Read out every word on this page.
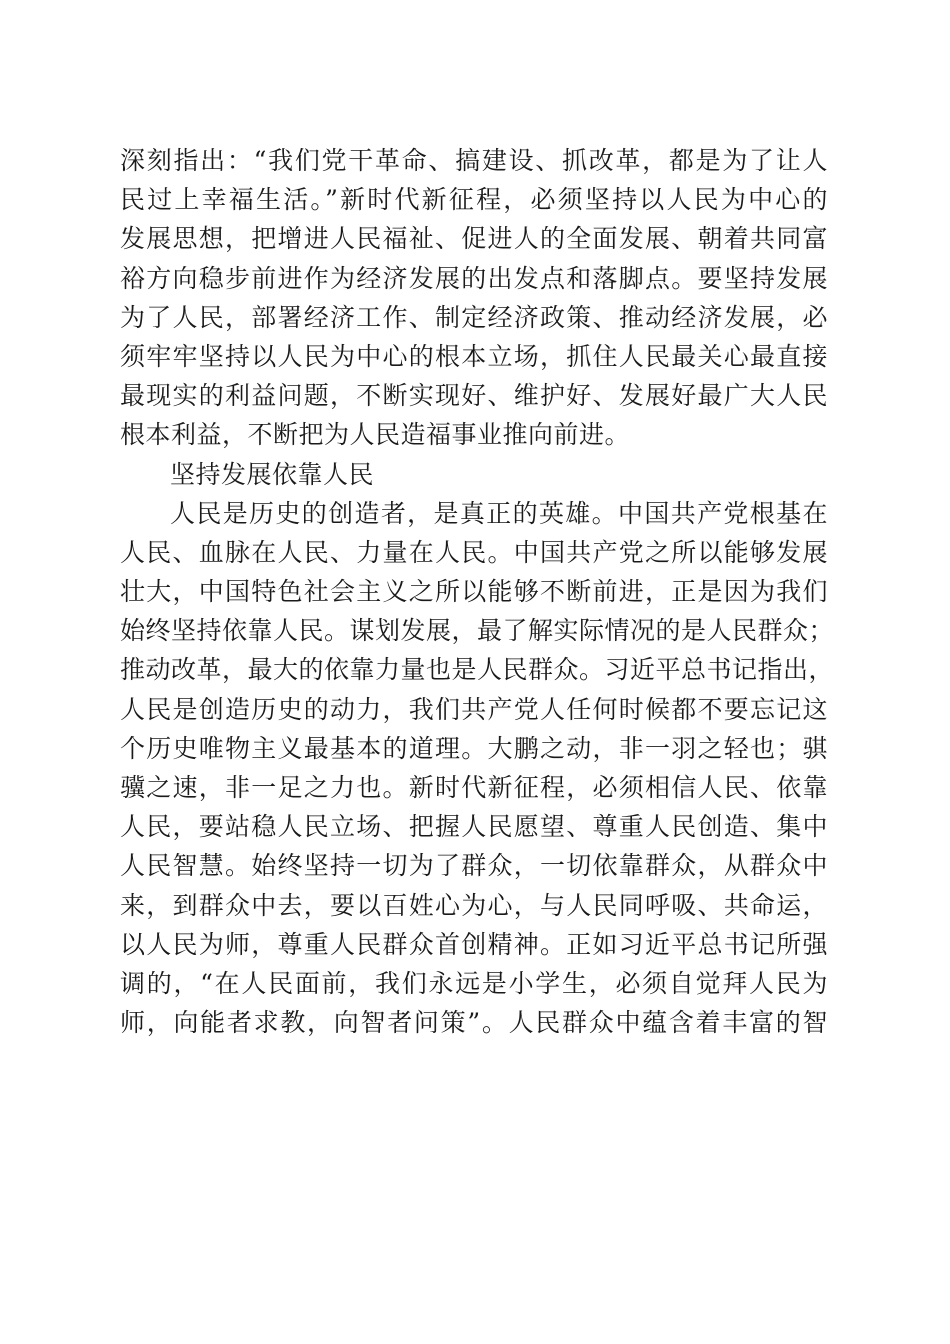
深刻指出：“我们党干革命、搞建设、抓改革，都是为了让人
民过上幸福生活。”新时代新征程，必须坚持以人民为中心的
发展思想，把增进人民福祉、促进人的全面发展、朝着共同富
裕方向稳步前进作为经济发展的出发点和落脚点。要坚持发展
为了人民，部署经济工作、制定经济政策、推动经济发展，必
须牢牢坚持以人民为中心的根本立场，抓住人民最关心最直接
最现实的利益问题，不断实现好、维护好、发展好最广大人民
根本利益，不断把为人民造福事业推向前进。
坚持发展依靠人民
人民是历史的创造者，是真正的英雄。中国共产党根基在
人民、血脉在人民、力量在人民。中国共产党之所以能够发展
壮大，中国特色社会主义之所以能够不断前进，正是因为我们
始终坚持依靠人民。谋划发展，最了解实际情况的是人民群众；
推动改革，最大的依靠力量也是人民群众。习近平总书记指出，
人民是创造历史的动力，我们共产党人任何时候都不要忘记这
个历史唯物主义最基本的道理。大鹏之动，非一羽之轻也；骐
骥之速，非一足之力也。新时代新征程，必须相信人民、依靠
人民，要站稳人民立场、把握人民愿望、尊重人民创造、集中
人民智慧。始终坚持一切为了群众，一切依靠群众，从群众中
来，到群众中去，要以百姓心为心，与人民同呼吸、共命运，
以人民为师，尊重人民群众首创精神。正如习近平总书记所强
调的，“在人民面前，我们永远是小学生，必须自觉拜人民为
师，向能者求教，向智者问策”。人民群众中蕴含着丰富的智
